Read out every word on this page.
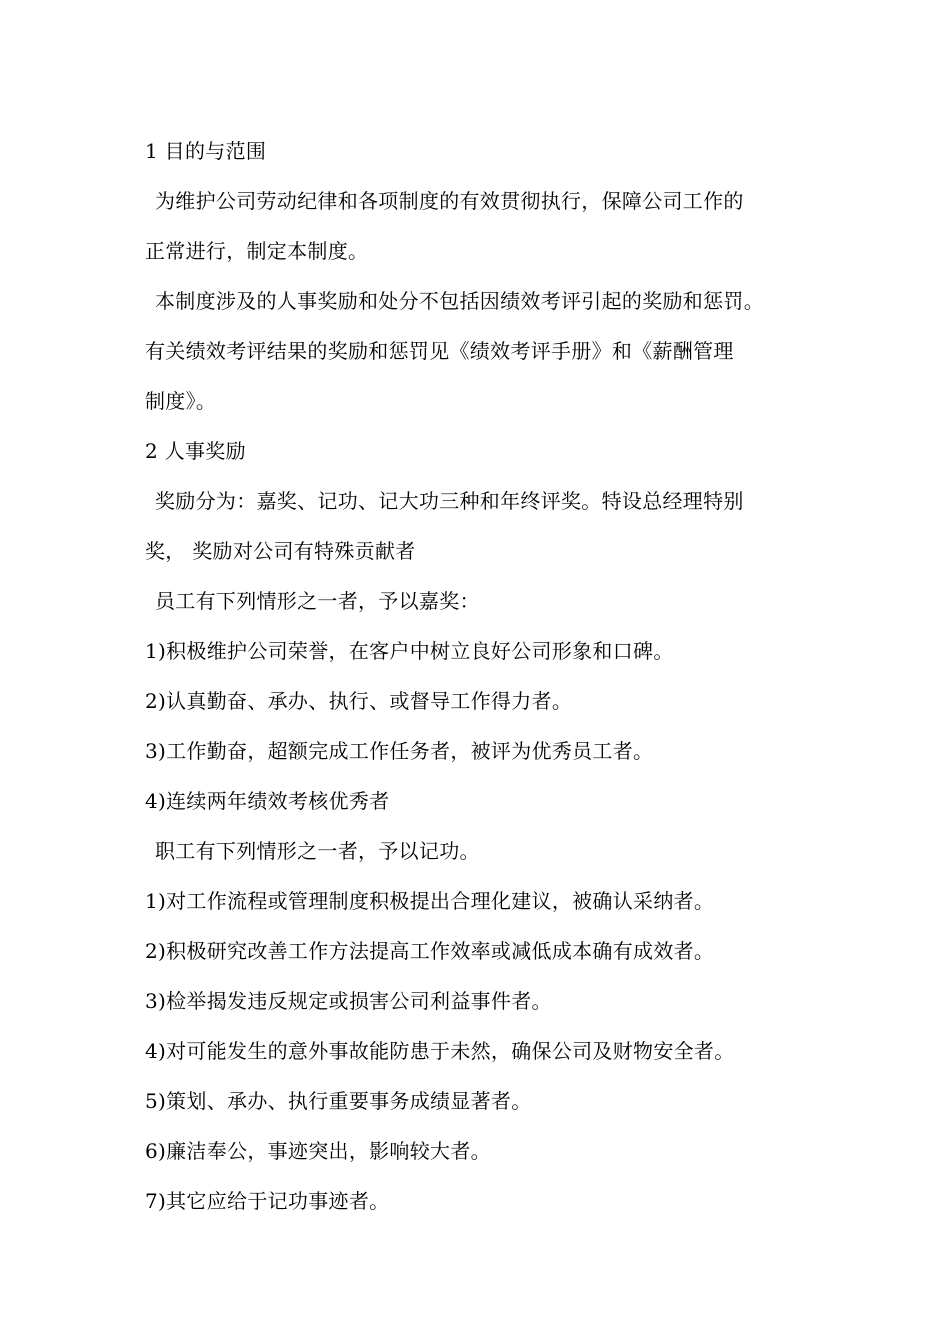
1 目的与范围
为维护公司劳动纪律和各项制度的有效贯彻执行，保障公司工作的
正常进行，制定本制度。
本制度涉及的人事奖励和处分不包括因绩效考评引起的奖励和惩罚。
有关绩效考评结果的奖励和惩罚见《绩效考评手册》和《薪酬管理
制度》。
2 人事奖励
奖励分为：嘉奖、记功、记大功三种和年终评奖。特设总经理特别
奖， 奖励对公司有特殊贡献者
员工有下列情形之一者，予以嘉奖：
1)积极维护公司荣誉，在客户中树立良好公司形象和口碑。
2)认真勤奋、承办、执行、或督导工作得力者。
3)工作勤奋，超额完成工作任务者，被评为优秀员工者。
4)连续两年绩效考核优秀者
职工有下列情形之一者，予以记功。
1)对工作流程或管理制度积极提出合理化建议，被确认采纳者。
2)积极研究改善工作方法提高工作效率或减低成本确有成效者。
3)检举揭发违反规定或损害公司利益事件者。
4)对可能发生的意外事故能防患于未然，确保公司及财物安全者。
5)策划、承办、执行重要事务成绩显著者。
6)廉洁奉公，事迹突出，影响较大者。
7)其它应给于记功事迹者。
